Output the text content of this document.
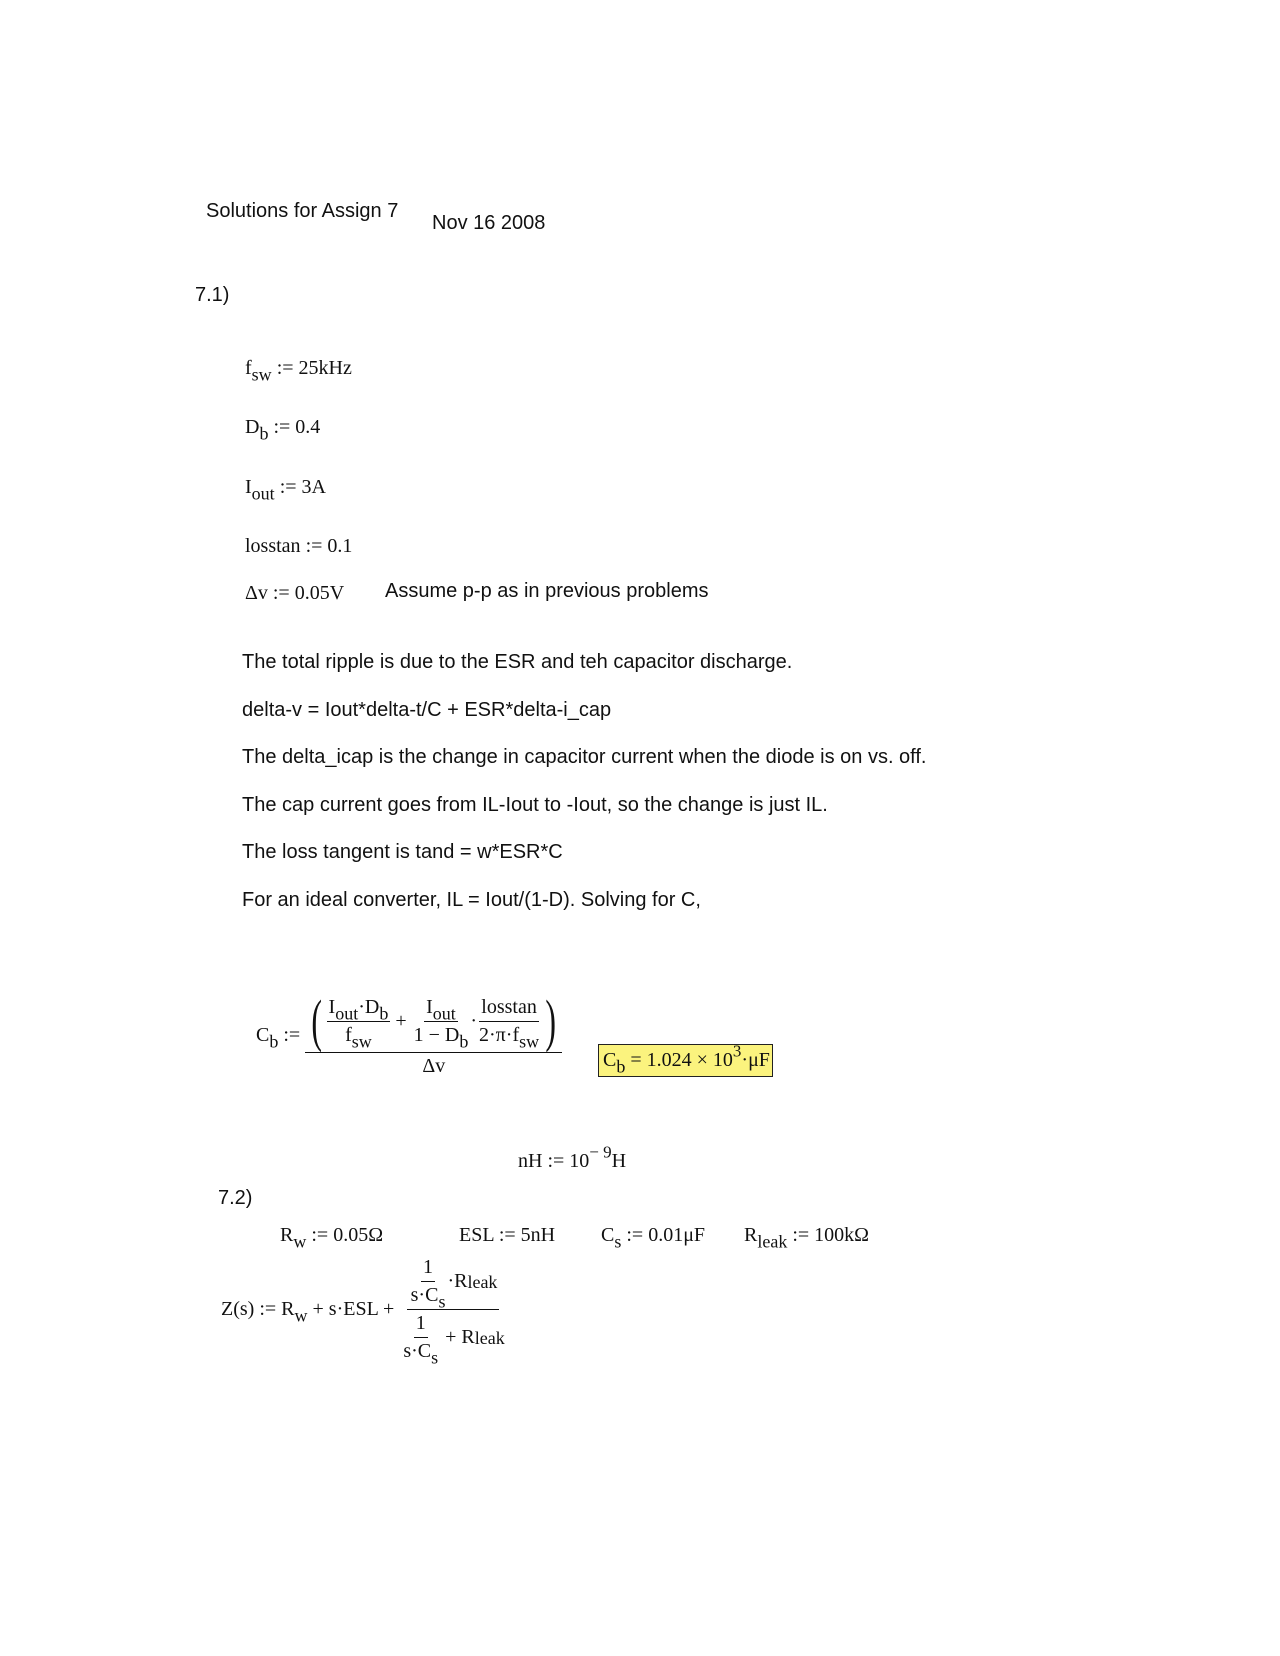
Solutions for Assign 7
Nov 16 2008
7.1)
$f_{sw}$ := 25kHz
$D_b$ := 0.4
$I_{out}$ := 3A
losstan := 0.1
Δv := 0.05V Assume p-p as in previous problems
The total ripple is due to the ESR and teh capacitor discharge.
delta-v = Iout*delta-t/C + ESR*delta-i_cap
The delta_icap is the change in capacitor current when the diode is on vs. off.
The cap current goes from IL-Iout to -Iout, so the change is just IL.
The loss tangent is tand = w*ESR*C
For an ideal converter, IL = Iout/(1-D). Solving for C,
$C_b$ := ( $\frac{I_{out}\cdot D_b}{f_{sw}}$
+
$\frac{I_{out}}{1 - D_b} \cdot \frac{\text{losstan}}{2\cdot\pi\cdot f_{sw}}$ )
Δv	$C_b = 1.024 \times 10^3\cdot\mu F$
nH := $10^{- 9}H$
7.2)
$R_w$ := 0.05Ω	ESL := 5nH $C_s$ := 0.01μF $R_{leak}$ := 100kΩ
Z(s) := $R_w + s\cdot ESL + \frac{1}{s\cdot C_s} \cdot R$ leak
$\frac{1}{s\cdot C_s}$
+ R leak
